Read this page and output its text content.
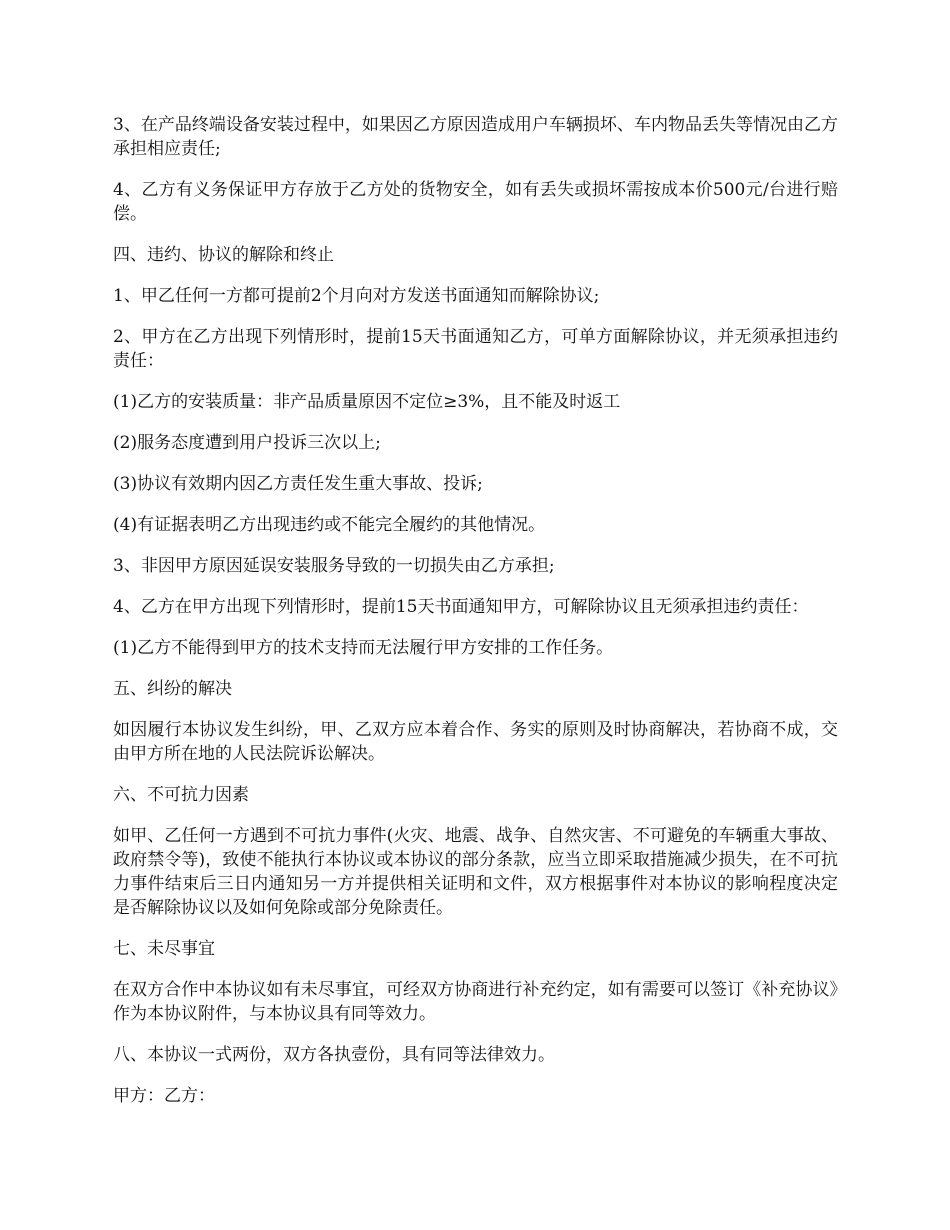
3、在产品终端设备安装过程中，如果因乙方原因造成用户车辆损坏、车内物品丢失等情况由乙方承担相应责任;

4、乙方有义务保证甲方存放于乙方处的货物安全，如有丢失或损坏需按成本价500元/台进行赔偿。

四、违约、协议的解除和终止

1、甲乙任何一方都可提前2个月向对方发送书面通知而解除协议;

2、甲方在乙方出现下列情形时，提前15天书面通知乙方，可单方面解除协议，并无须承担违约责任：

(1)乙方的安装质量：非产品质量原因不定位≥3%，且不能及时返工

(2)服务态度遭到用户投诉三次以上;

(3)协议有效期内因乙方责任发生重大事故、投诉;

(4)有证据表明乙方出现违约或不能完全履约的其他情况。

3、非因甲方原因延误安装服务导致的一切损失由乙方承担;

4、乙方在甲方出现下列情形时，提前15天书面通知甲方，可解除协议且无须承担违约责任：

(1)乙方不能得到甲方的技术支持而无法履行甲方安排的工作任务。

五、纠纷的解决

如因履行本协议发生纠纷，甲、乙双方应本着合作、务实的原则及时协商解决，若协商不成，交由甲方所在地的人民法院诉讼解决。

六、不可抗力因素

如甲、乙任何一方遇到不可抗力事件(火灾、地震、战争、自然灾害、不可避免的车辆重大事故、政府禁令等)，致使不能执行本协议或本协议的部分条款，应当立即采取措施减少损失，在不可抗力事件结束后三日内通知另一方并提供相关证明和文件，双方根据事件对本协议的影响程度决定是否解除协议以及如何免除或部分免除责任。

七、未尽事宜

在双方合作中本协议如有未尽事宜，可经双方协商进行补充约定，如有需要可以签订《补充协议》作为本协议附件，与本协议具有同等效力。

八、本协议一式两份，双方各执壹份，具有同等法律效力。

甲方：乙方：
